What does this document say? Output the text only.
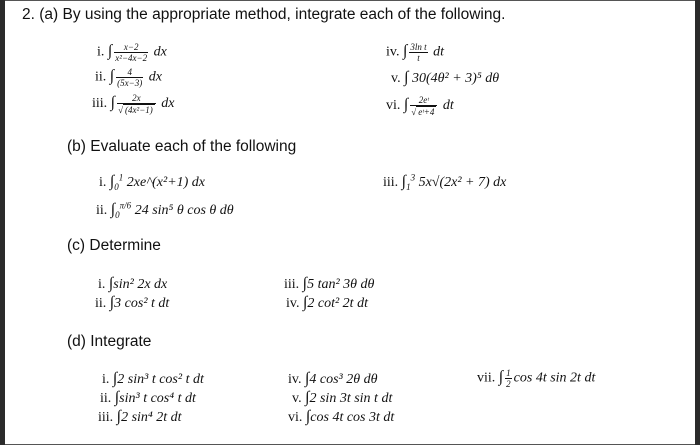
2. (a) By using the appropriate method, integrate each of the following.
i. ∫ $\frac{x-2}{\text{x²−4x−2}}$ dx
ii. ∫ $\frac{4}{(5x-3)}$ dx
iii. ∫ $\frac{2x}{\text{√ (4x²−1)}}$ dx
iv. ∫ $\frac{\text{3ln t}}{t}$ dt
v. ∫ 30(4θ² + 3)⁵ dθ
vi. ∫ $\frac{\text{2eᵗ}}{\text{√ eᵗ+4}}$ dt
(b) Evaluate each of the following
i. $\int_0^1$ 2xe^(x²+1) dx
ii. $\int_0^{\pi/6}$ 24 sin⁵ θ cos θ dθ
iii. $\int_1^3$ 5x√(2x² + 7) dx
(c) Determine
i. ∫sin² 2x dx
ii. ∫3 cos² t dt
iii. ∫5 tan² 3θ dθ
iv. ∫2 cot² 2t dt
(d) Integrate
i. ∫2 sin³ t cos² t dt
ii. ∫sin³ t cos⁴ t dt
iii. ∫2 sin⁴ 2t dt
iv. ∫4 cos³ 2θ dθ
v. ∫2 sin 3t sin t dt
vi. ∫cos 4t cos 3t dt
vii. ∫ $\frac{1}{2}$ cos 4t sin 2t dt
